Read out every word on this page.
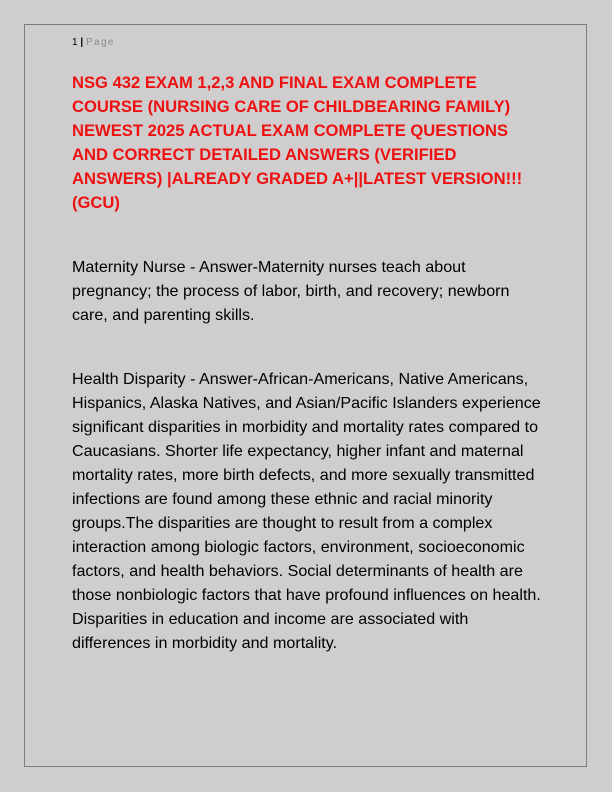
1 | Page
NSG 432 EXAM 1,2,3 AND FINAL EXAM COMPLETE COURSE (NURSING CARE OF CHILDBEARING FAMILY) NEWEST 2025 ACTUAL EXAM COMPLETE QUESTIONS AND CORRECT DETAILED ANSWERS (VERIFIED ANSWERS) |ALREADY GRADED A+||LATEST VERSION!!!(GCU)

Maternity Nurse - Answer-Maternity nurses teach about pregnancy; the process of labor, birth, and recovery; newborn care, and parenting skills.

Health Disparity - Answer-African-Americans, Native Americans, Hispanics, Alaska Natives, and Asian/Pacific Islanders experience significant disparities in morbidity and mortality rates compared to Caucasians. Shorter life expectancy, higher infant and maternal mortality rates, more birth defects, and more sexually transmitted infections are found among these ethnic and racial minority groups.The disparities are thought to result from a complex interaction among biologic factors, environment, socioeconomic factors, and health behaviors. Social determinants of health are those nonbiologic factors that have profound influences on health. Disparities in education and income are associated with differences in morbidity and mortality.
